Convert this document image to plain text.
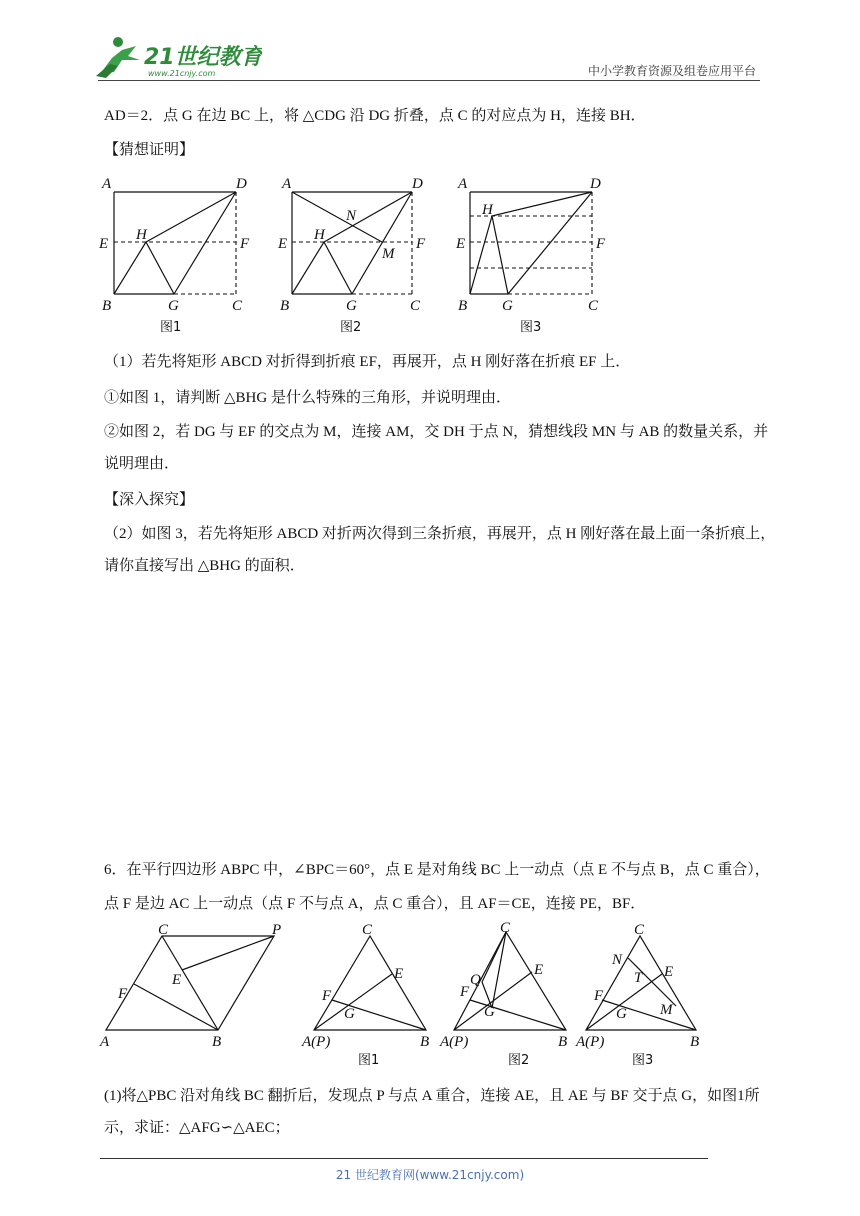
21世纪教育
www.21cnjy.com	中小学教育资源及组卷应用平台
AD＝2．点 G 在边 BC 上，将 △CDG 沿 DG 折叠，点 C 的对应点为 H，连接 BH．
【猜想证明】
A	D
E	F
H
B	G	C
图1
A	D
E	F
H
N
M
B	G	C
图2
A	D
E	F
H
B G	C
图3
（1）若先将矩形 ABCD 对折得到折痕 EF，再展开，点 H 刚好落在折痕 EF 上．
①如图 1，请判断 △BHG 是什么特殊的三角形，并说明理由．
②如图 2，若 DG 与 EF 的交点为 M，连接 AM，交 DH 于点 N，猜想线段 MN 与 AB 的数量关系，并
说明理由．
【深入探究】
（2）如图 3，若先将矩形 ABCD 对折两次得到三条折痕，再展开，点 H 刚好落在最上面一条折痕上，
请你直接写出 △BHG 的面积．
6．在平行四边形 ABPC 中，∠BPC＝60°，点 E 是对角线 BC 上一动点（点 E 不与点 B，点 C 重合），
点 F 是边 AC 上一动点（点 F 不与点 A，点 C 重合），且 AF＝CE，连接 PE，BF．
C	P
E
F
A	B
C
E
F
G
A(P)	B
图1
C
E
Q
F
G
A(P)	B
图2
C
E
N
T
F
G M
A(P)	B
图3
(1)将△PBC 沿对角线 BC 翻折后，发现点 P 与点 A 重合，连接 AE，且 AE 与 BF 交于点 G，如图1所
示，求证：△AFG∽△AEC；
21 世纪教育网(www.21cnjy.com)
